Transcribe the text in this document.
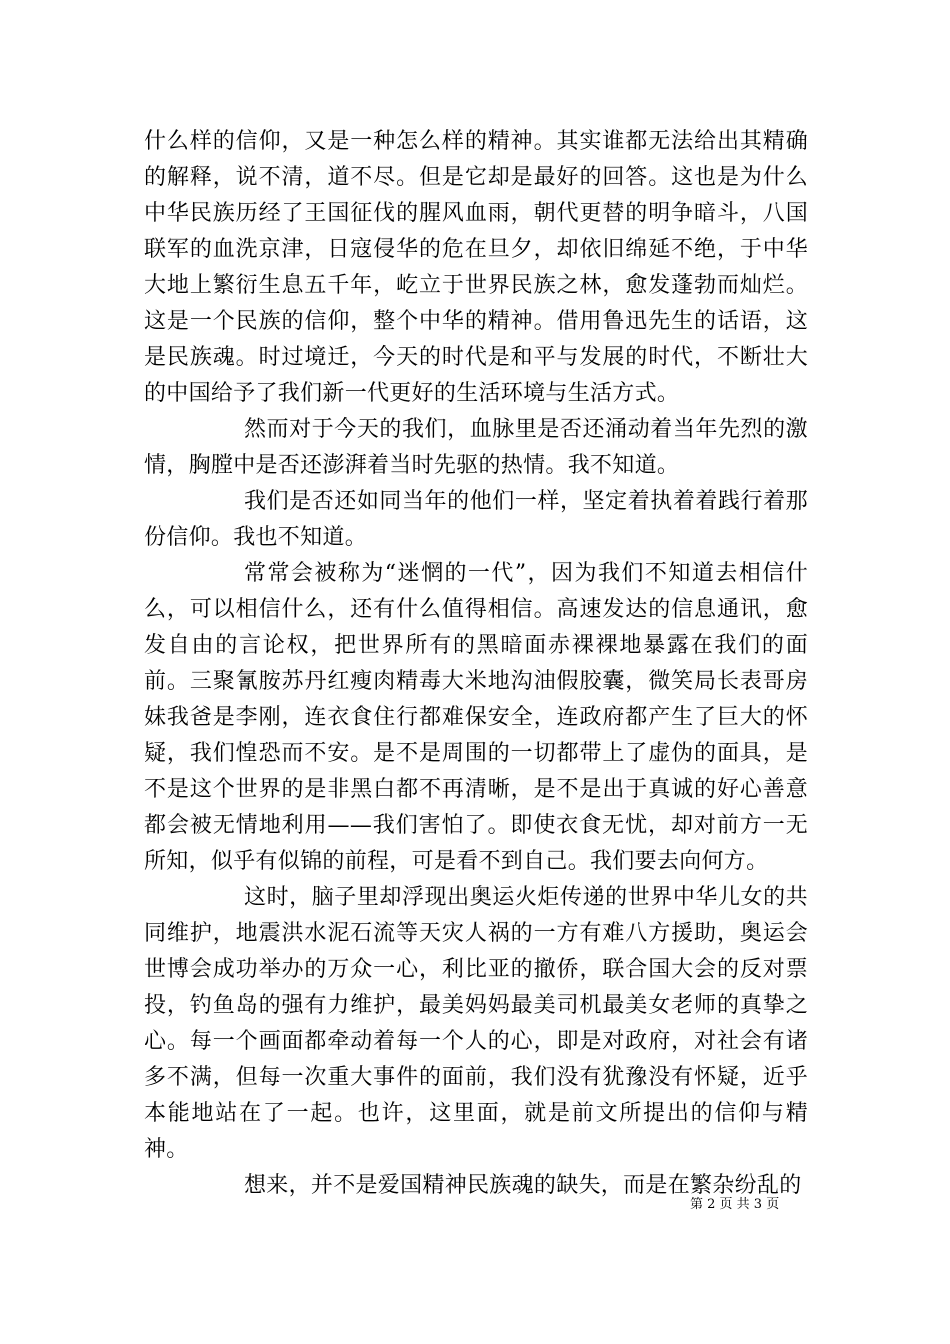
什么样的信仰，又是一种怎么样的精神。其实谁都无法给出其精确的解释，说不清，道不尽。但是它却是最好的回答。这也是为什么中华民族历经了王国征伐的腥风血雨，朝代更替的明争暗斗，八国联军的血洗京津，日寇侵华的危在旦夕，却依旧绵延不绝，于中华大地上繁衍生息五千年，屹立于世界民族之林，愈发蓬勃而灿烂。这是一个民族的信仰，整个中华的精神。借用鲁迅先生的话语，这是民族魂。时过境迁，今天的时代是和平与发展的时代，不断壮大的中国给予了我们新一代更好的生活环境与生活方式。

然而对于今天的我们，血脉里是否还涌动着当年先烈的激情，胸膛中是否还澎湃着当时先驱的热情。我不知道。

我们是否还如同当年的他们一样，坚定着执着着践行着那份信仰。我也不知道。

常常会被称为“迷惘的一代”，因为我们不知道去相信什么，可以相信什么，还有什么值得相信。高速发达的信息通讯，愈发自由的言论权，把世界所有的黑暗面赤裸裸地暴露在我们的面前。三聚氰胺苏丹红瘦肉精毒大米地沟油假胶囊，微笑局长表哥房妹我爸是李刚，连衣食住行都难保安全，连政府都产生了巨大的怀疑，我们惶恐而不安。是不是周围的一切都带上了虚伪的面具，是不是这个世界的是非黑白都不再清晰，是不是出于真诚的好心善意都会被无情地利用——我们害怕了。即使衣食无忧，却对前方一无所知，似乎有似锦的前程，可是看不到自己。我们要去向何方。

这时，脑子里却浮现出奥运火炬传递的世界中华儿女的共同维护，地震洪水泥石流等天灾人祸的一方有难八方援助，奥运会世博会成功举办的万众一心，利比亚的撤侨，联合国大会的反对票投，钓鱼岛的强有力维护，最美妈妈最美司机最美女老师的真挚之心。每一个画面都牵动着每一个人的心，即是对政府，对社会有诸多不满，但每一次重大事件的面前，我们没有犹豫没有怀疑，近乎本能地站在了一起。也许，这里面，就是前文所提出的信仰与精神。

想来，并不是爱国精神民族魂的缺失，而是在繁杂纷乱的

第 2 页 共 3 页
